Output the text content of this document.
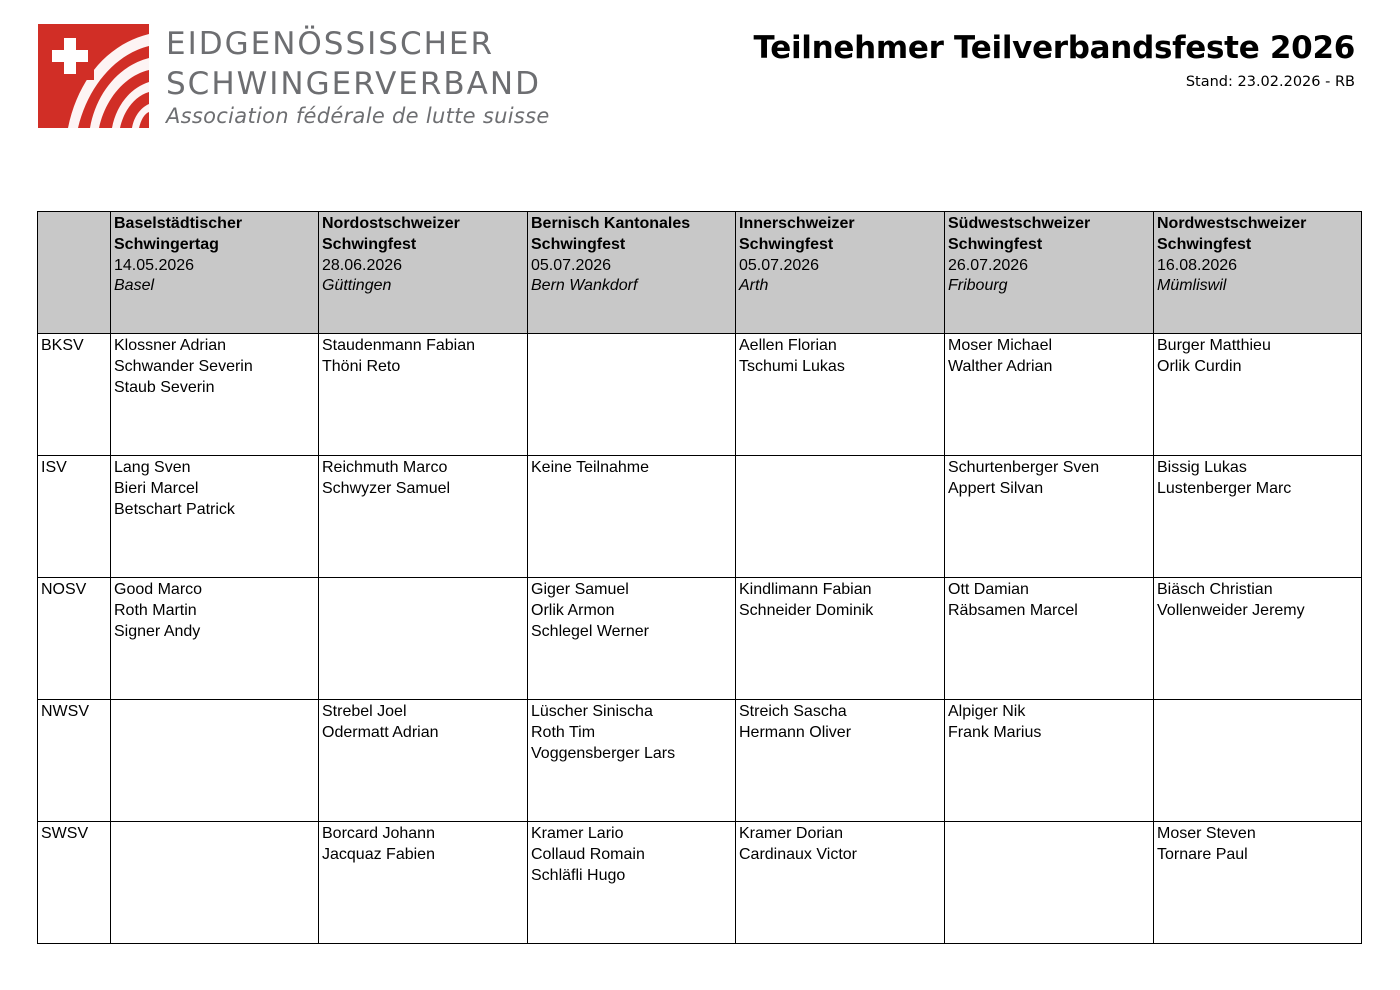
EIDGENÖSSISCHER
SCHWINGERVERBAND
Association fédérale de lutte suisse
Teilnehmer Teilverbandsfeste 2026
Stand: 23.02.2026 - RB

	Baselstädtischer
Schwingertag
14.05.2026
Basel	Nordostschweizer
Schwingfest
28.06.2026
Güttingen	Bernisch Kantonales
Schwingfest
05.07.2026
Bern Wankdorf	Innerschweizer
Schwingfest
05.07.2026
Arth	Südwestschweizer
Schwingfest
26.07.2026
Fribourg	Nordwestschweizer
Schwingfest
16.08.2026
Mümliswil

BKSV	Klossner Adrian
Schwander Severin
Staub Severin	Staudenmann Fabian
Thöni Reto		Aellen Florian
Tschumi Lukas	Moser Michael
Walther Adrian	Burger Matthieu
Orlik Curdin

ISV	Lang Sven
Bieri Marcel
Betschart Patrick	Reichmuth Marco
Schwyzer Samuel	Keine Teilnahme		Schurtenberger Sven
Appert Silvan	Bissig Lukas
Lustenberger Marc

NOSV	Good Marco
Roth Martin
Signer Andy		Giger Samuel
Orlik Armon
Schlegel Werner	Kindlimann Fabian
Schneider Dominik	Ott Damian
Räbsamen Marcel	Biäsch Christian
Vollenweider Jeremy

NWSV		Strebel Joel
Odermatt Adrian	Lüscher Sinischa
Roth Tim
Voggensberger Lars	Streich Sascha
Hermann Oliver	Alpiger Nik
Frank Marius	

SWSV		Borcard Johann
Jacquaz Fabien	Kramer Lario
Collaud Romain
Schläfli Hugo	Kramer Dorian
Cardinaux Victor		Moser Steven
Tornare Paul
